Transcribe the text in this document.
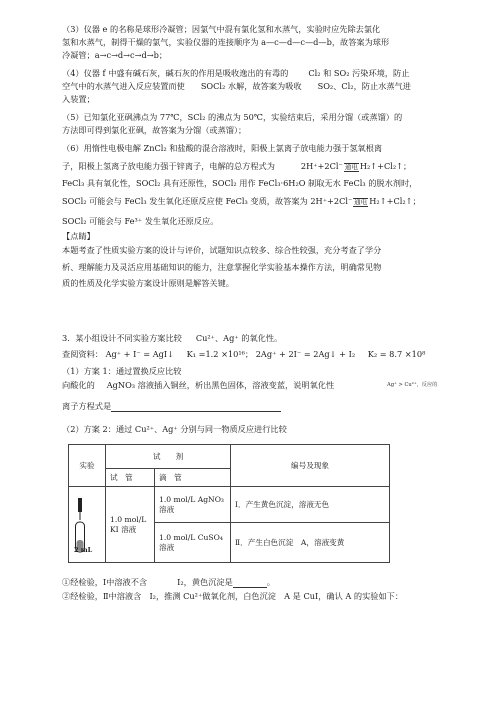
（3）仪器 e 的名称是球形冷凝管；因氯气中混有氯化氢和水蒸气，实验时应先除去氯化
氢和水蒸气，制得干燥的氯气，实验仪器的连接顺序为 a—c—d—c—d—b，故答案为球形
冷凝管；a→c→d→c→d→b；
（4）仪器 f 中盛有碱石灰，碱石灰的作用是吸收逸出的有毒的 Cl₂ 和 SO₂ 污染环境，防止
空气中的水蒸气进入反应装置而使 SOCl₂ 水解，故答案为吸收 SO₂、Cl₂，防止水蒸气进
入装置；
（5）已知氯化亚砜沸点为 77℃，SCl₂ 的沸点为 50℃，实验结束后，采用分馏（或蒸馏）的
方法即可得到氯化亚砜，故答案为分馏（或蒸馏）；
（6）用惰性电极电解 ZnCl₂ 和盐酸的混合溶液时，阳极上氯离子放电能力强于氢氧根离
子，阳极上氢离子放电能力强于锌离子，电解的总方程式为	2H⁺+2Cl⁻ 通电 H₂↑+Cl₂↑；
FeCl₃ 具有氧化性，SOCl₂ 具有还原性，SOCl₂ 用作 FeCl₃·6H₂O 制取无水 FeCl₃ 的脱水剂时，
SOCl₂ 可能会与 FeCl₃ 发生氧化还原反应使 FeCl₃ 变质，故答案为 2H⁺+2Cl⁻ 通电 H₂↑+Cl₂↑；
SOCl₂ 可能会与 Fe³⁺ 发生氧化还原反应。
【点睛】
本题考查了性质实验方案的设计与评价，试题知识点较多、综合性较强，充分考查了学分
析、理解能力及灵活应用基础知识的能力，注意掌握化学实验基本操作方法，明确常见物
质的性质及化学实验方案设计原则是解答关键。
3．某小组设计不同实验方案比较 Cu²⁺、Ag⁺ 的氧化性。
查阅资料： Ag⁺ + I⁻ = AgI↓ K₁ =1.2 ×10¹⁶； 2Ag⁺ + 2I⁻ = 2Ag↓ + I₂ K₂ = 8.7 ×10⁸
（1）方案 1：通过置换反应比较
向酸化的 AgNO₃ 溶液插入铜丝，析出黑色固体，溶液变蓝，说明氧化性	Ag⁺ > Cu²⁺，反应的
离子方程式是
（2）方案 2：通过 Cu²⁺、Ag⁺ 分别与同一物质反应进行比较
实验	试　　剂		编号及现象
	试　管	滴　管	

	1.0 mol/L
KI 溶液	1.0 mol/L AgNO₃ 溶液	Ⅰ．产生黄色沉淀，溶液无色
		1.0 mol/L CuSO₄ 溶液	Ⅱ．产生白色沉淀　A，溶液变黄
2 mL
①经检验，Ⅰ中溶液不含	I₂，黄色沉淀是	。
②经检验，Ⅱ中溶液含　I₂，推测 Cu²⁺做氧化剂，白色沉淀　A 是 CuI，确认 A 的实验如下：
